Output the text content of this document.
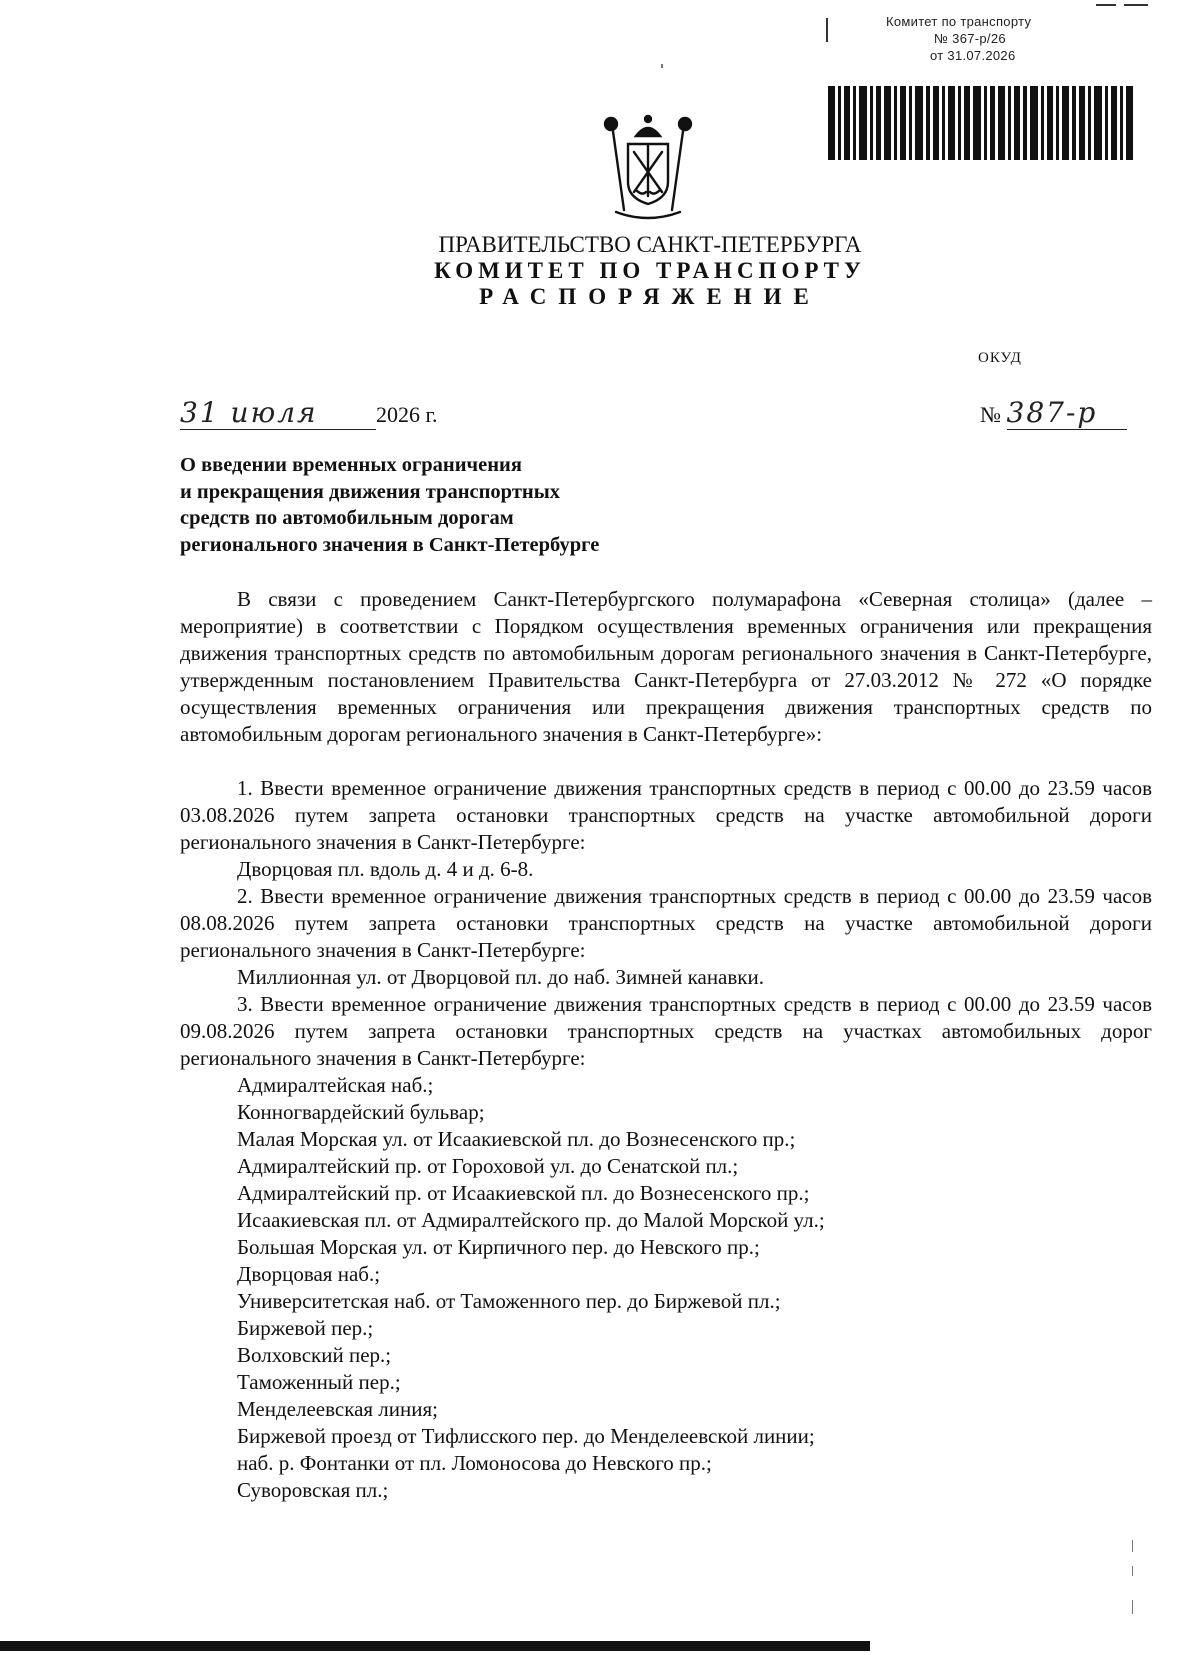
Комитет по транспорту
№ 367-р/26
от 31.07.2026
ПРАВИТЕЛЬСТВО САНКТ-ПЕТЕРБУРГА
КОМИТЕТ ПО ТРАНСПОРТУ
РАСПОРЯЖЕНИЕ
ОКУД
31 июля	2026 г.	№ 387-р
О введении временных ограничения
и прекращения движения транспортных
средств по автомобильным дорогам
регионального значения в Санкт-Петербурге

В связи с проведением Санкт-Петербургского полумарафона «Северная столица» (далее – мероприятие) в соответствии с Порядком осуществления временных ограничения или прекращения движения транспортных средств по автомобильным дорогам регионального значения в Санкт-Петербурге, утвержденным постановлением Правительства Санкт-Петербурга от 27.03.2012 № 272 «О порядке осуществления временных ограничения или прекращения движения транспортных средств по автомобильным дорогам регионального значения в Санкт-Петербурге»:

1. Ввести временное ограничение движения транспортных средств в период с 00.00 до 23.59 часов 03.08.2026 путем запрета остановки транспортных средств на участке автомобильной дороги регионального значения в Санкт-Петербурге:

Дворцовая пл. вдоль д. 4 и д. 6-8.

2. Ввести временное ограничение движения транспортных средств в период с 00.00 до 23.59 часов 08.08.2026 путем запрета остановки транспортных средств на участке автомобильной дороги регионального значения в Санкт-Петербурге:

Миллионная ул. от Дворцовой пл. до наб. Зимней канавки.

3. Ввести временное ограничение движения транспортных средств в период с 00.00 до 23.59 часов 09.08.2026 путем запрета остановки транспортных средств на участках автомобильных дорог регионального значения в Санкт-Петербурге:

Адмиралтейская наб.;
Конногвардейский бульвар;
Малая Морская ул. от Исаакиевской пл. до Вознесенского пр.;
Адмиралтейский пр. от Гороховой ул. до Сенатской пл.;
Адмиралтейский пр. от Исаакиевской пл. до Вознесенского пр.;
Исаакиевская пл. от Адмиралтейского пр. до Малой Морской ул.;
Большая Морская ул. от Кирпичного пер. до Невского пр.;
Дворцовая наб.;
Университетская наб. от Таможенного пер. до Биржевой пл.;
Биржевой пер.;
Волховский пер.;
Таможенный пер.;
Менделеевская линия;
Биржевой проезд от Тифлисского пер. до Менделеевской линии;
наб. р. Фонтанки от пл. Ломоносова до Невского пр.;
Суворовская пл.;
